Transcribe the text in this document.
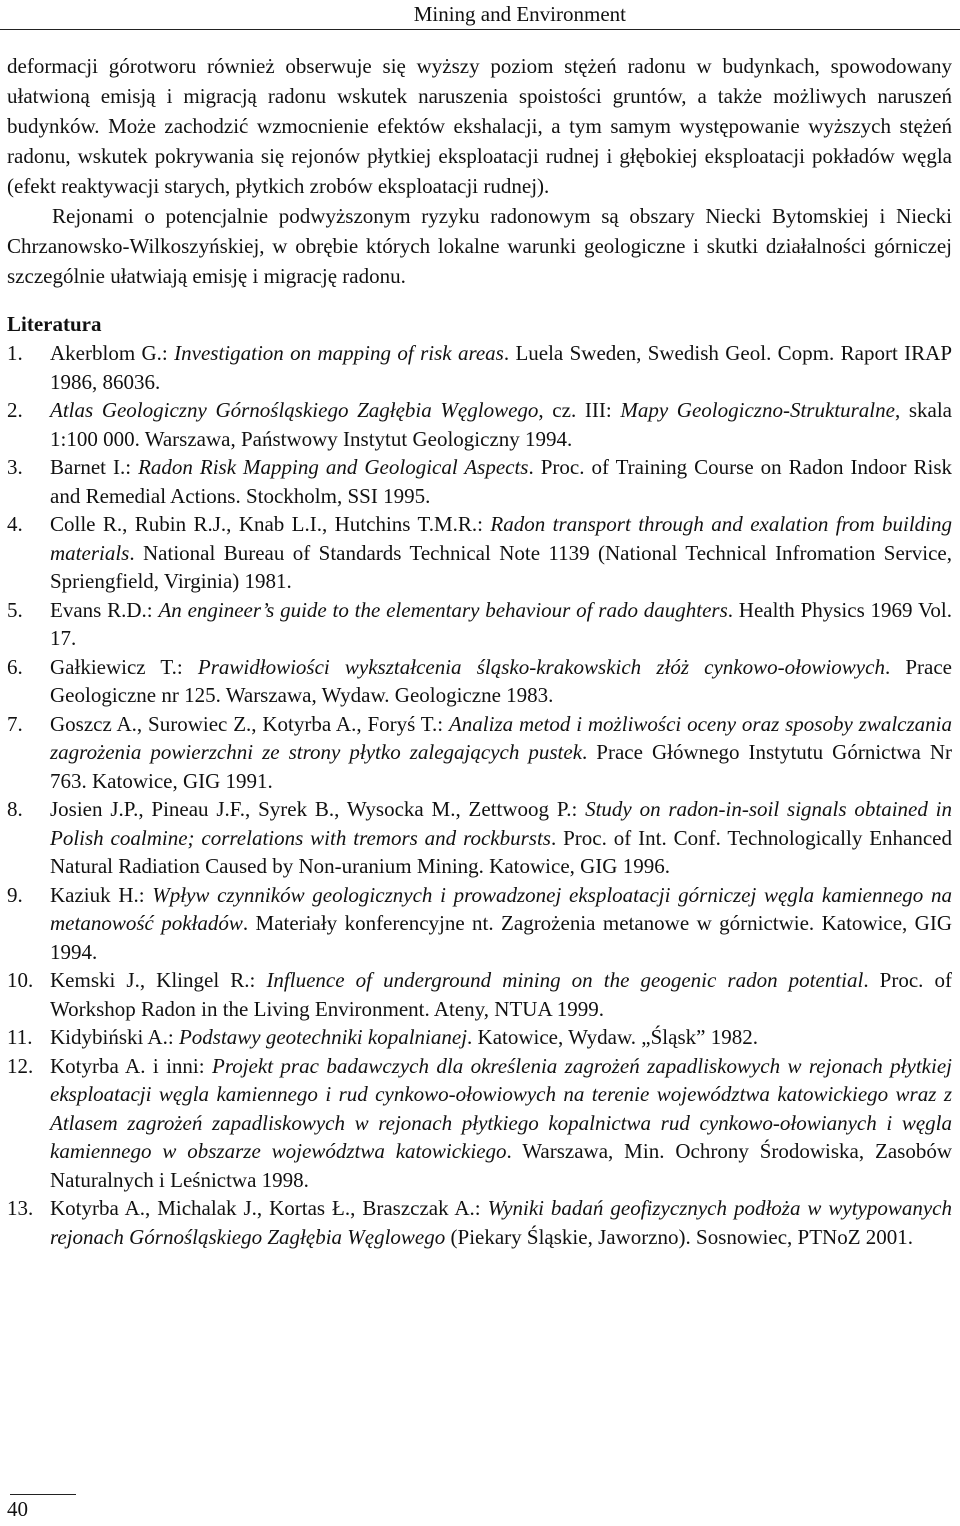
Mining and Environment

deformacji górotworu również obserwuje się wyższy poziom stężeń radonu w budynkach, spowodowany ułatwioną emisją i migracją radonu wskutek naruszenia spoistości gruntów, a także możliwych naruszeń budynków. Może zachodzić wzmocnienie efektów ekshalacji, a tym samym występowanie wyższych stężeń radonu, wskutek pokrywania się rejonów płytkiej eksploatacji rudnej i głębokiej eksploatacji pokładów węgla (efekt reaktywacji starych, płytkich zrobów eksploatacji rudnej).

Rejonami o potencjalnie podwyższonym ryzyku radonowym są obszary Niecki Bytomskiej i Niecki Chrzanowsko-Wilkoszyńskiej, w obrębie których lokalne warunki geologiczne i skutki działalności górniczej szczególnie ułatwiają emisję i migrację radonu.

Literatura
1. Akerblom G.: Investigation on mapping of risk areas. Luela Sweden, Swedish Geol. Copm. Raport IRAP 1986, 86036.
2. Atlas Geologiczny Górnośląskiego Zagłębia Węglowego, cz. III: Mapy Geologiczno-Strukturalne, skala 1:100 000. Warszawa, Państwowy Instytut Geologiczny 1994.
3. Barnet I.: Radon Risk Mapping and Geological Aspects. Proc. of Training Course on Radon Indoor Risk and Remedial Actions. Stockholm, SSI 1995.
4. Colle R., Rubin R.J., Knab L.I., Hutchins T.M.R.: Radon transport through and exalation from building materials. National Bureau of Standards Technical Note 1139 (National Technical Infromation Service, Spriengfield, Virginia) 1981.
5. Evans R.D.: An engineer’s guide to the elementary behaviour of rado daughters. Health Physics 1969 Vol. 17.
6. Gałkiewicz T.: Prawidłowiości wykształcenia śląsko-krakowskich złóż cynkowo-ołowiowych. Prace Geologiczne nr 125. Warszawa, Wydaw. Geologiczne 1983.
7. Goszcz A., Surowiec Z., Kotyrba A., Foryś T.: Analiza metod i możliwości oceny oraz sposoby zwalczania zagrożenia powierzchni ze strony płytko zalegających pustek. Prace Głównego Instytutu Górnictwa Nr 763. Katowice, GIG 1991.
8. Josien J.P., Pineau J.F., Syrek B., Wysocka M., Zettwoog P.: Study on radon-in-soil signals obtained in Polish coalmine; correlations with tremors and rockbursts. Proc. of Int. Conf. Technologically Enhanced Natural Radiation Caused by Non-uranium Mining. Katowice, GIG 1996.
9. Kaziuk H.: Wpływ czynników geologicznych i prowadzonej eksploatacji górniczej węgla kamiennego na metanowość pokładów. Materiały konferencyjne nt. Zagrożenia metanowe w górnictwie. Katowice, GIG 1994.
10. Kemski J., Klingel R.: Influence of underground mining on the geogenic radon potential. Proc. of Workshop Radon in the Living Environment. Ateny, NTUA 1999.
11. Kidybiński A.: Podstawy geotechniki kopalnianej. Katowice, Wydaw. „Śląsk” 1982.
12. Kotyrba A. i inni: Projekt prac badawczych dla określenia zagrożeń zapadliskowych w rejonach płytkiej eksploatacji węgla kamiennego i rud cynkowo-ołowiowych na terenie województwa katowickiego wraz z Atlasem zagrożeń zapadliskowych w rejonach płytkiego kopalnictwa rud cynkowo-ołowianych i węgla kamiennego w obszarze województwa katowickiego. Warszawa, Min. Ochrony Środowiska, Zasobów Naturalnych i Leśnictwa 1998.
13. Kotyrba A., Michalak J., Kortas Ł., Braszczak A.: Wyniki badań geofizycznych podłoża w wytypowanych rejonach Górnośląskiego Zagłębia Węglowego (Piekary Śląskie, Jaworzno). Sosnowiec, PTNoZ 2001.
40
